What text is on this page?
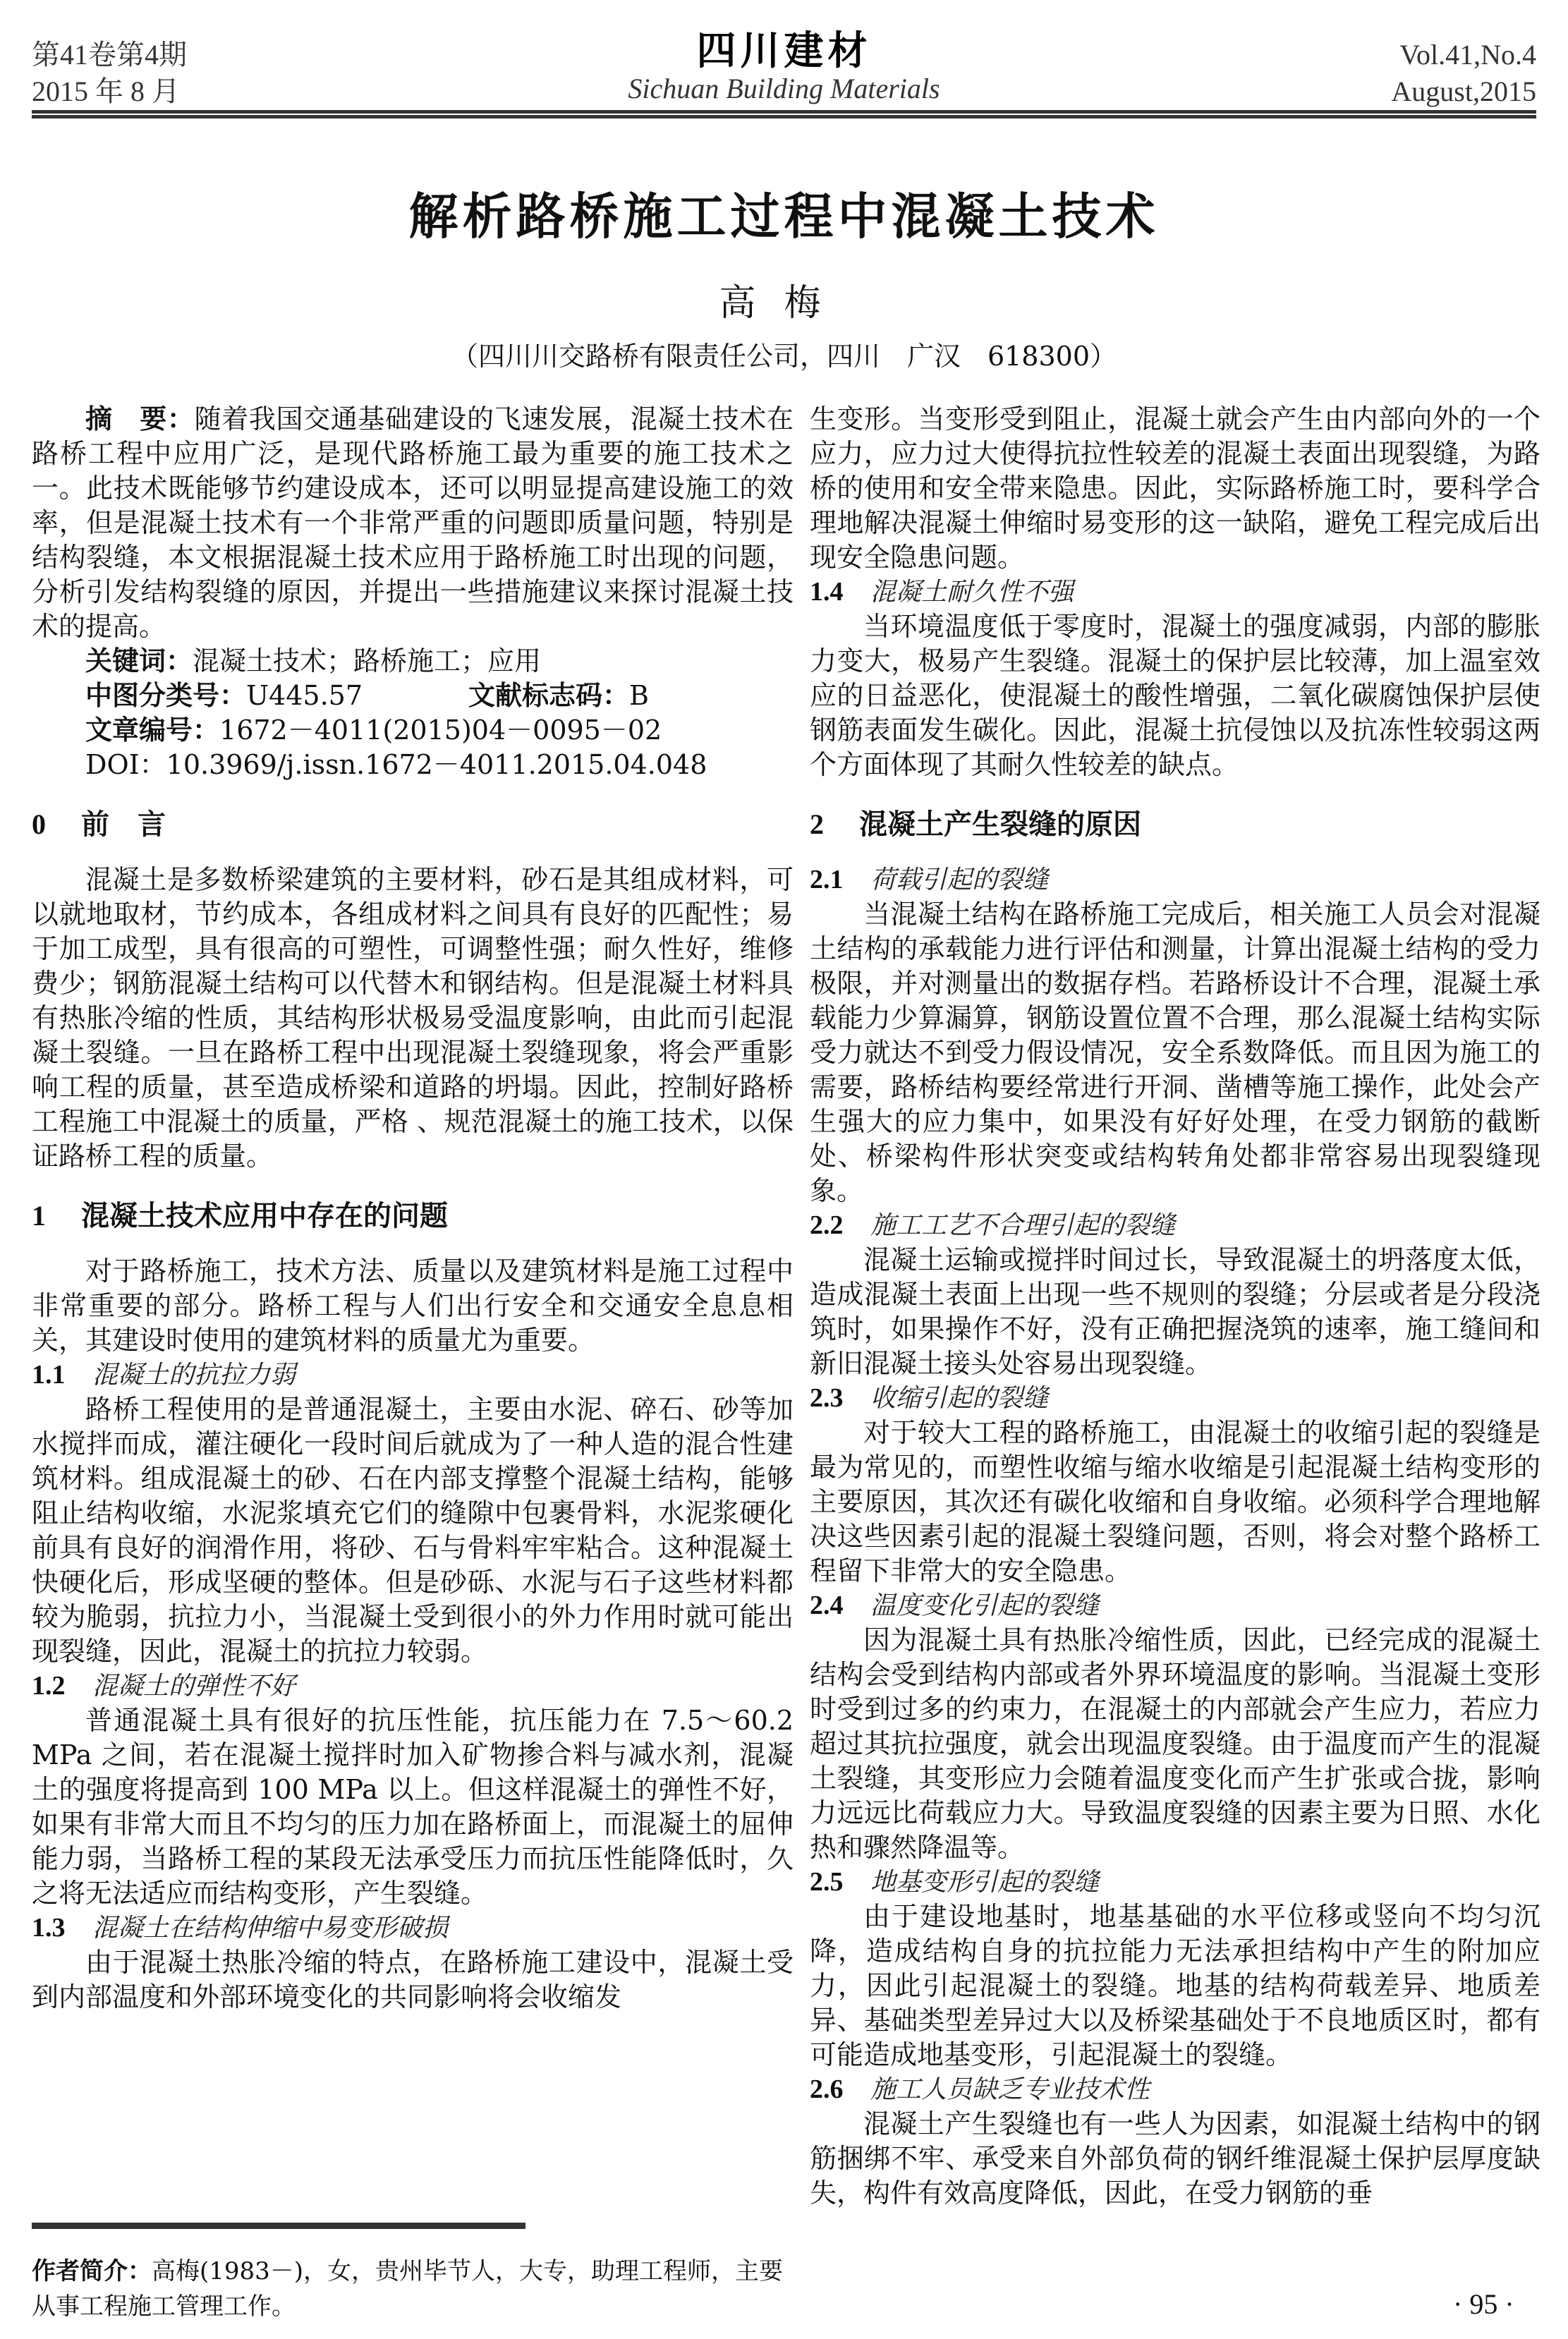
第41卷第4期
2015 年 8 月
四川建材
Sichuan Building Materials
Vol.41,No.4
August,2015
解析路桥施工过程中混凝土技术
高梅
（四川川交路桥有限责任公司，四川　广汉　618300）

摘　要：随着我国交通基础建设的飞速发展，混凝土技术在路桥工程中应用广泛，是现代路桥施工最为重要的施工技术之一。此技术既能够节约建设成本，还可以明显提高建设施工的效率，但是混凝土技术有一个非常严重的问题即质量问题，特别是结构裂缝，本文根据混凝土技术应用于路桥施工时出现的问题，分析引发结构裂缝的原因，并提出一些措施建议来探讨混凝土技术的提高。

关键词：混凝土技术；路桥施工；应用

中图分类号：U445.57	文献标志码：B

文章编号：1672－4011(2015)04－0095－02

DOI：10.3969/j.issn.1672－4011.2015.04.048

0 前　言

混凝土是多数桥梁建筑的主要材料，砂石是其组成材料，可以就地取材，节约成本，各组成材料之间具有良好的匹配性；易于加工成型，具有很高的可塑性，可调整性强；耐久性好，维修费少；钢筋混凝土结构可以代替木和钢结构。但是混凝土材料具有热胀冷缩的性质，其结构形状极易受温度影响，由此而引起混凝土裂缝。一旦在路桥工程中出现混凝土裂缝现象，将会严重影响工程的质量，甚至造成桥梁和道路的坍塌。因此，控制好路桥工程施工中混凝土的质量，严格 、规范混凝土的施工技术，以保证路桥工程的质量。

1 混凝土技术应用中存在的问题

对于路桥施工，技术方法、质量以及建筑材料是施工过程中非常重要的部分。路桥工程与人们出行安全和交通安全息息相关，其建设时使用的建筑材料的质量尤为重要。

1.1 混凝土的抗拉力弱

路桥工程使用的是普通混凝土，主要由水泥、碎石、砂等加水搅拌而成，灌注硬化一段时间后就成为了一种人造的混合性建筑材料。组成混凝土的砂、石在内部支撑整个混凝土结构，能够阻止结构收缩，水泥浆填充它们的缝隙中包裹骨料，水泥浆硬化前具有良好的润滑作用，将砂、石与骨料牢牢粘合。这种混凝土快硬化后，形成坚硬的整体。但是砂砾、水泥与石子这些材料都较为脆弱，抗拉力小，当混凝土受到很小的外力作用时就可能出现裂缝，因此，混凝土的抗拉力较弱。

1.2 混凝土的弹性不好

普通混凝土具有很好的抗压性能，抗压能力在 7.5～60.2 MPa 之间，若在混凝土搅拌时加入矿物掺合料与减水剂，混凝土的强度将提高到 100 MPa 以上。但这样混凝土的弹性不好，如果有非常大而且不均匀的压力加在路桥面上，而混凝土的屈伸能力弱，当路桥工程的某段无法承受压力而抗压性能降低时，久之将无法适应而结构变形，产生裂缝。

1.3 混凝土在结构伸缩中易变形破损

由于混凝土热胀冷缩的特点，在路桥施工建设中，混凝土受到内部温度和外部环境变化的共同影响将会收缩发

生变形。当变形受到阻止，混凝土就会产生由内部向外的一个应力，应力过大使得抗拉性较差的混凝土表面出现裂缝，为路桥的使用和安全带来隐患。因此，实际路桥施工时，要科学合理地解决混凝土伸缩时易变形的这一缺陷，避免工程完成后出现安全隐患问题。

1.4 混凝土耐久性不强

当环境温度低于零度时，混凝土的强度减弱，内部的膨胀力变大，极易产生裂缝。混凝土的保护层比较薄，加上温室效应的日益恶化，使混凝土的酸性增强，二氧化碳腐蚀保护层使钢筋表面发生碳化。因此，混凝土抗侵蚀以及抗冻性较弱这两个方面体现了其耐久性较差的缺点。

2 混凝土产生裂缝的原因
2.1 荷载引起的裂缝

当混凝土结构在路桥施工完成后，相关施工人员会对混凝土结构的承载能力进行评估和测量，计算出混凝土结构的受力极限，并对测量出的数据存档。若路桥设计不合理，混凝土承载能力少算漏算，钢筋设置位置不合理，那么混凝土结构实际受力就达不到受力假设情况，安全系数降低。而且因为施工的需要，路桥结构要经常进行开洞、凿槽等施工操作，此处会产生强大的应力集中，如果没有好好处理，在受力钢筋的截断处、桥梁构件形状突变或结构转角处都非常容易出现裂缝现象。

2.2 施工工艺不合理引起的裂缝

混凝土运输或搅拌时间过长，导致混凝土的坍落度太低，造成混凝土表面上出现一些不规则的裂缝；分层或者是分段浇筑时，如果操作不好，没有正确把握浇筑的速率，施工缝间和新旧混凝土接头处容易出现裂缝。

2.3 收缩引起的裂缝

对于较大工程的路桥施工，由混凝土的收缩引起的裂缝是最为常见的，而塑性收缩与缩水收缩是引起混凝土结构变形的主要原因，其次还有碳化收缩和自身收缩。必须科学合理地解决这些因素引起的混凝土裂缝问题，否则，将会对整个路桥工程留下非常大的安全隐患。

2.4 温度变化引起的裂缝

因为混凝土具有热胀冷缩性质，因此，已经完成的混凝土结构会受到结构内部或者外界环境温度的影响。当混凝土变形时受到过多的约束力，在混凝土的内部就会产生应力，若应力超过其抗拉强度，就会出现温度裂缝。由于温度而产生的混凝土裂缝，其变形应力会随着温度变化而产生扩张或合拢，影响力远远比荷载应力大。导致温度裂缝的因素主要为日照、水化热和骤然降温等。

2.5 地基变形引起的裂缝

由于建设地基时，地基基础的水平位移或竖向不均匀沉降，造成结构自身的抗拉能力无法承担结构中产生的附加应力，因此引起混凝土的裂缝。地基的结构荷载差异、地质差异、基础类型差异过大以及桥梁基础处于不良地质区时，都有可能造成地基变形，引起混凝土的裂缝。

2.6 施工人员缺乏专业技术性

混凝土产生裂缝也有一些人为因素，如混凝土结构中的钢筋捆绑不牢、承受来自外部负荷的钢纤维混凝土保护层厚度缺失，构件有效高度降低，因此，在受力钢筋的垂

作者简介：高梅(1983－)，女，贵州毕节人，大专，助理工程师，主要从事工程施工管理工作。	· 95 ·
